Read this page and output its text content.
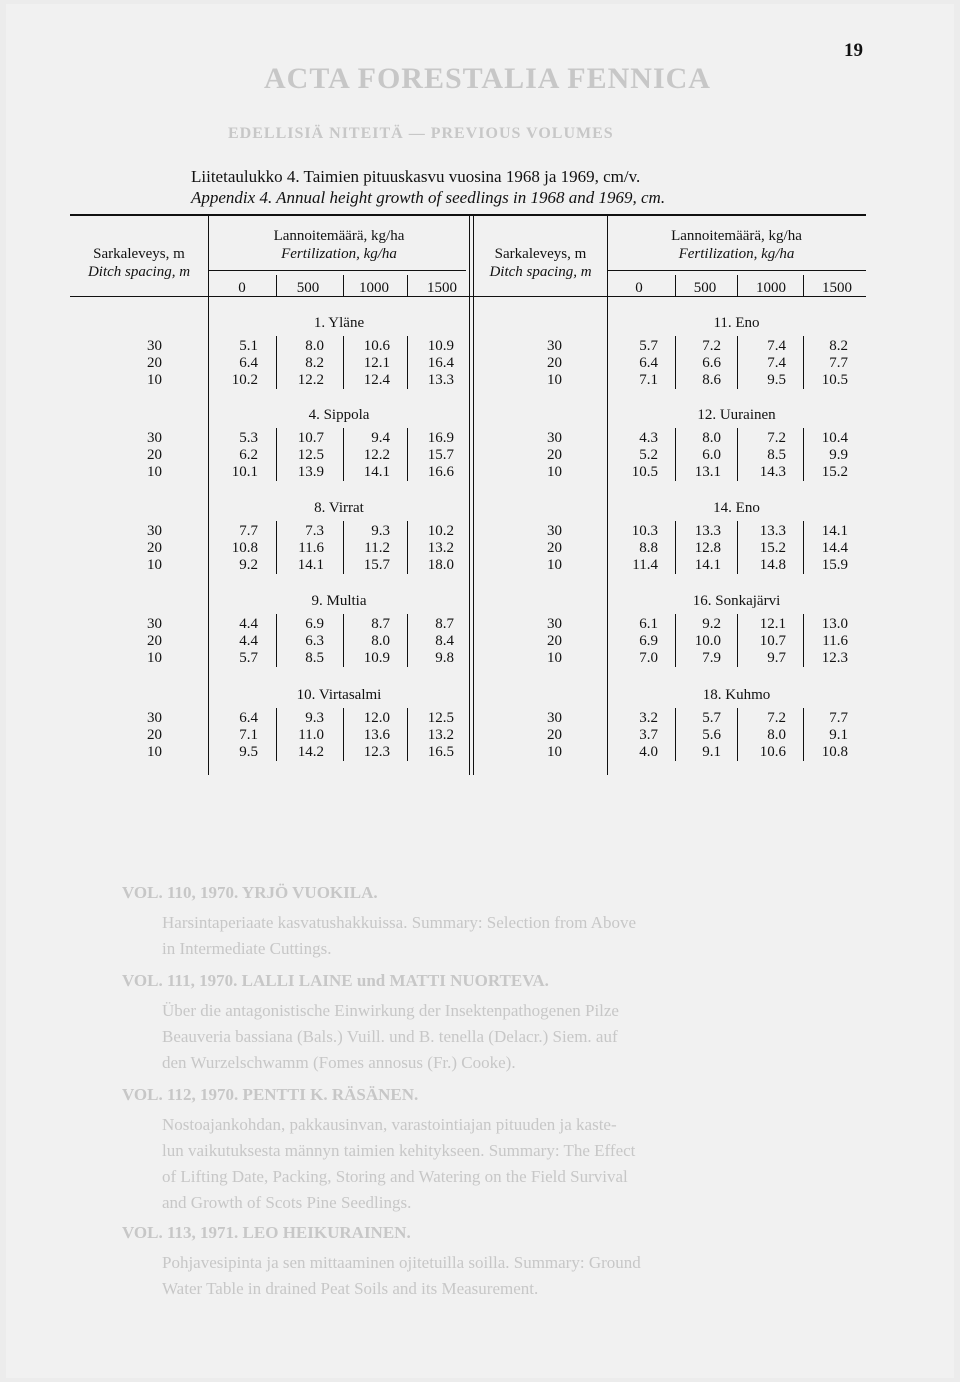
ACTA FORESTALIA FENNICA
EDELLISIÄ NITEITÄ — PREVIOUS VOLUMES
VOL. 110, 1970. YRJÖ VUOKILA.
Harsintaperiaate kasvatushakkuissa. Summary: Selection from Above
in Intermediate Cuttings.
VOL. 111, 1970. LALLI LAINE und MATTI NUORTEVA.
Über die antagonistische Einwirkung der Insektenpathogenen Pilze
Beauveria bassiana (Bals.) Vuill. und B. tenella (Delacr.) Siem. auf
den Wurzelschwamm (Fomes annosus (Fr.) Cooke).
VOL. 112, 1970. PENTTI K. RÄSÄNEN.
Nostoajankohdan, pakkausinvan, varastointiajan pituuden ja kaste-
lun vaikutuksesta männyn taimien kehitykseen. Summary: The Effect
of Lifting Date, Packing, Storing and Watering on the Field Survival
and Growth of Scots Pine Seedlings.
VOL. 113, 1971. LEO HEIKURAINEN.
Pohjavesipinta ja sen mittaaminen ojitetuilla soilla. Summary: Ground
Water Table in drained Peat Soils and its Measurement.
19
Liitetaulukko 4. Taimien pituuskasvu vuosina 1968 ja 1969, cm/v.
Appendix 4. Annual height growth of seedlings in 1968 and 1969, cm.
Sarkaleveys, m
Ditch spacing, m
Lannoitemäärä, kg/ha
Fertilization, kg/ha	Sarkaleveys, m
Ditch spacing, m
Lannoitemäärä, kg/ha
Fertilization, kg/ha
0	500	1000	1500	0	500	1000	1500
1. Yläne
30	5.1	8.0	10.6	10.9
20	6.4	8.2	12.1	16.4
10	10.2	12.2	12.4	13.3
4. Sippola
30	5.3	10.7	9.4	16.9
20	6.2	12.5	12.2	15.7
10	10.1	13.9	14.1	16.6
8. Virrat
30	7.7	7.3	9.3	10.2
20	10.8	11.6	11.2	13.2
10	9.2	14.1	15.7	18.0
9. Multia
30	4.4	6.9	8.7	8.7
20	4.4	6.3	8.0	8.4
10	5.7	8.5	10.9	9.8
10. Virtasalmi
30	6.4	9.3	12.0	12.5
20	7.1	11.0	13.6	13.2
10	9.5	14.2	12.3	16.5
11. Eno
30	5.7	7.2	7.4	8.2
20	6.4	6.6	7.4	7.7
10	7.1	8.6	9.5	10.5
12. Uurainen
30	4.3	8.0	7.2	10.4
20	5.2	6.0	8.5	9.9
10	10.5	13.1	14.3	15.2
14. Eno
30	10.3	13.3	13.3	14.1
20	8.8	12.8	15.2	14.4
10	11.4	14.1	14.8	15.9
16. Sonkajärvi
30	6.1	9.2	12.1	13.0
20	6.9	10.0	10.7	11.6
10	7.0	7.9	9.7	12.3
18. Kuhmo
30	3.2	5.7	7.2	7.7
20	3.7	5.6	8.0	9.1
10	4.0	9.1	10.6	10.8
